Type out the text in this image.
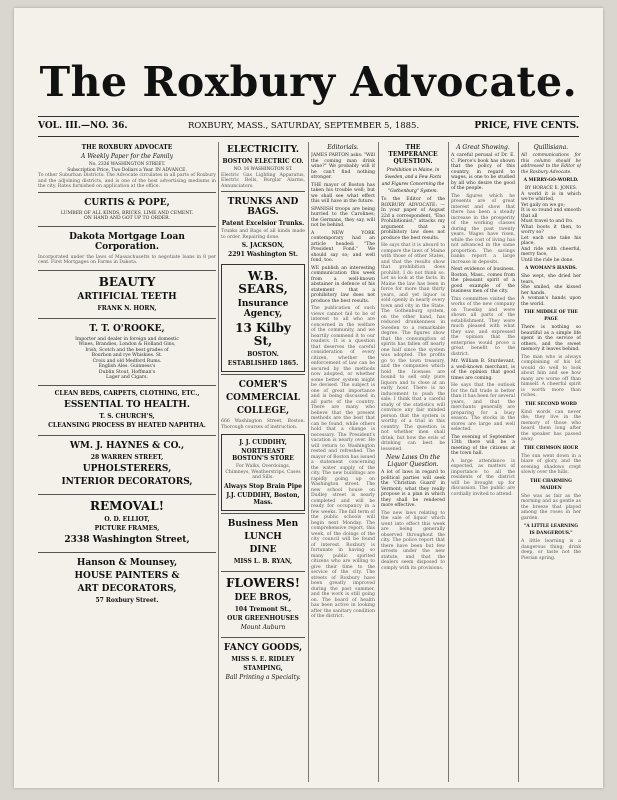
The Roxbury Advocate.
VOL. III.—NO. 36.	ROXBURY, MASS., SATURDAY, SEPTEMBER 5, 1885.	PRICE, FIVE CENTS.
THE ROXBURY ADVOCATE
A Weekly Paper for the Family
No. 2336 WASHINGTON STREET.
Subscription Price, Two Dollars a Year. IN ADVANCE.
To other Suburban Districts: The Advocate circulates in all parts of Roxbury and the adjoining districts, and is one of the best advertising mediums in the city. Rates furnished on application at the office.
CURTIS & POPE,
LUMBER OF ALL KINDS, BRICKS, LIME AND CEMENT.
ON HAND AND GOT UP TO ORDER.
Dakota Mortgage Loan Corporation.
Incorporated under the laws of Massachusetts to negotiate loans in 8 per cent. First Mortgages on Farms in Dakota.
BEAUTY
ARTIFICIAL TEETH
FRANK N. HORN,
T. T. O'ROOKE,
Importer and dealer in foreign and domestic
Wines, Brandies, London & Holland Gins,
Irish, Scotch and the best grades of
Bourbon and rye Whiskies. St.
Croix and old Medford Rums.
English Ales. Guinness's
Dublin Stout, Hoffman's
Lager and Cigars.
CLEAN BEDS, CARPETS, CLOTHING, ETC.,
ESSENTIAL TO HEALTH.
T. S. CHURCH'S,
CLEANSING PROCESS BY HEATED NAPHTHA.
WM. J. HAYNES & CO.,
28 WARREN STREET,
UPHOLSTERERS,
INTERIOR DECORATORS,
REMOVAL!
O. D. ELLIOT,
PICTURE FRAMES,
2338 Washington Street,
Hanson & Mounsey,
HOUSE PAINTERS &
ART DECORATORS,
57 Roxbury Street.
ELECTRICITY.
BOSTON ELECTRIC CO.
NO. 16 WASHINGTON ST.
Electric Gas Lighting Apparatus, Electric Bells, Burglar Alarms, Annunciators.
TRUNKS AND BAGS.
Patent Excelsior Trunks.
Trunks and Bags of all kinds made to order. Repairing done.
S. JACKSON,
2291 Washington St.
W.B. SEARS,
Insurance Agency,
13 Kilby St,
BOSTON.
ESTABLISHED 1865.
COMER'S
COMMERCIAL
COLLEGE,
666 Washington Street, Boston. Thorough courses of instruction.
J. J. CUDDIHY,
NORTHEAST BOSTON'S STORE
For Walks, Overdoings, Chimneys, Weatherstrips, Cases and Sills.
Always Stop Brain Pipe
J.J. CUDDIHY, Boston, Mass.
Business Men
LUNCH
DINE
MISS L. B. RYAN,
FLOWERS!
DEE BROS,
104 Tremont St.,
OUR GREENHOUSES
Mount Auburn
FANCY GOODS,
MISS S. E. RIDLEY
STAMPING,
Ball Printing a Specialty.
Editorials.

JAMES PARTON asks: "Will the coming man drink wine?" We probably will if he can't find nothing stronger.

THE mayor of Boston has taken his trouble well; but we shall see what effect this will have in the future.

SPANISH troops are being hurried to the Carolines; the Germans, they say, will not be behind.

A NEW YORK contemporary had an article headed: "The President Fond." We should say so; and well fond, too.

WE publish an interesting communication this week from a well-known abstainer in defence of his statement that a prohibitory law does not produce the best results.

The publication of such views cannot fail to be of interest to all who are concerned in the welfare of the community, and we heartily commend it to our readers. It is a question that deserves the careful consideration of every citizen, whether the enforcement of law can be secured by the methods now adopted, or whether some better system might be devised. The subject is one of great importance and is being discussed in all parts of the country. There are many who believe that the present methods are the best that can be found, while others hold that a change is necessary. The President's vacation is nearly over. He will return to Washington rested and refreshed. The mayor of Boston has issued a statement concerning the water supply of the city. The new buildings are rapidly going up on Washington street. The new school house on Dudley street is nearly completed and will be ready for occupancy in a few weeks. The fall term of the public schools will begin next Monday. The comprehensive report, this week, of the doings of the city council will be found of interest. Roxbury is fortunate in having so many public spirited citizens who are willing to give their time to the service of the city. The streets of Roxbury have been greatly improved during the past summer, and the work is still going on. The board of health has been active in looking after the sanitary condition of the district.

THE TEMPERANCE QUESTION.
Prohibition in Maine, in Sweden, and a Few Facts and Figures Concerning the "Gothenburg" System.

To the Editor of the ROXBURY ADVOCATE: — In your paper of August 22d a correspondent, "Eno Prohibitionist," attacks my argument that a prohibitory law does not produce the best results.

He says that it is absurd to compare the laws of Maine with those of other States, and that the results show that prohibition does prohibit. I do not think so. Let us look at the facts. In Maine the law has been in force for more than thirty years, and yet liquor is sold openly in nearly every town and city in the State. The Gothenburg system, on the other hand, has reduced drunkenness in Sweden to a remarkable degree. The figures show that the consumption of spirits has fallen off nearly one half since the system was adopted. The profits go to the town treasury, and the companies which hold the licenses are bound to sell only pure liquors and to close at an early hour. There is no inducement to push the sale. I think that a careful study of the statistics will convince any fair minded person that the system is worthy of a trial in this country. The question is not whether men shall drink, but how the evils of drinking can best be lessened.

New Laws On the Liquor Question.

A lot of laws in regard to political parties will seek the 'Christian Guard' in Vermont; what they really propose is a plan in which they shall be rendered more effective.

The new laws relating to the sale of liquor which went into effect this week are being generally observed throughout the city. The police report that there have been but few arrests under the new statute, and that the dealers seem disposed to comply with its provisions.

A Great Showing.

A careful perusal of Dr. E. C. Pierce's book has shown that the policy of this country, in regard to wages, is one to be studied by all who desire the good of the people.

The figures which he presents are of great interest and show that there has been a steady increase in the prosperity of the working classes during the past twenty years. Wages have risen, while the cost of living has not advanced in the same proportion. The savings banks report a large increase in deposits.

Next evidence of business, Boston, Mass., comes from the pleasant spirit of a good example of the business men of the city.

This committee visited the works of the new company on Tuesday and were shown all parts of the establishment. They were much pleased with what they saw, and expressed the opinion that the enterprise would prove a great benefit to the district.

Mr. William B. Sturdevant, a well-known merchant, is of the opinion that good times are coming.

He says that the outlook for the fall trade is better than it has been for several years, and that the merchants generally are preparing for a busy season. The stocks in the stores are large and well selected.

The evening of September 13th there will be a meeting of the citizens at the town hall.

A large attendance is expected, as matters of importance to all the residents of the district will be brought up for discussion. The public are cordially invited to attend.

Quillisiana.

All communications for this column should be addressed to the Editor of the Roxbury Advocate.

A MERRY-GO-WORLD.
BY HORACE E. JONES.
A world it is in which we're whirled,
Yet gaily on we go;
It is so round and smooth that all
Must travel to and fro.
What boots it then, to worry so?
Let each one take his place,
And ride with cheerful, merry face,
Until the ride be done.
A WOMAN'S HANDS.
She wept, she dried her tears,
She smiled, she kissed her hands.
A woman's hands upon the world.
THE MIDDLE OF THE PAGE

There is nothing so beautiful as a simple life spent in the service of others, and the sweet memory it leaves behind.

The man who is always complaining of his lot would do well to look about him and see how many are worse off than himself. A cheerful spirit is worth more than riches.

THE SECOND WORD

Kind words can never die; they live in the memory of those who heard them long after the speaker has passed away.

THE CRIMSON HOUR

The sun went down in a blaze of glory, and the evening shadows crept slowly over the hills.

THE CHARMING MAIDEN

She was as fair as the morning and as gentle as the breeze that played among the roses in her garden.

"A LITTLE LEARNING IS DANGEROUS."

A little learning is a dangerous thing; drink deep, or taste not the Pierian spring.
